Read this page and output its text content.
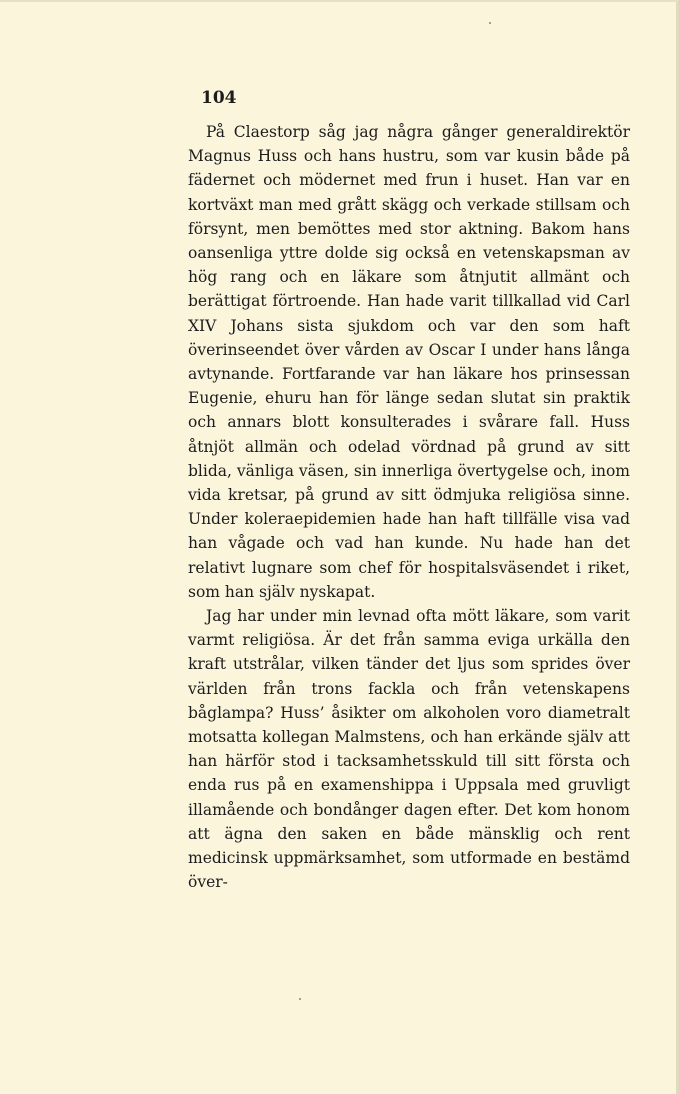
104

På Claestorp såg jag några gånger generaldirektör Magnus Huss och hans hustru, som var kusin både på fädernet och mödernet med frun i huset. Han var en kortväxt man med grått skägg och verkade stillsam och försynt, men bemöttes med stor aktning. Bakom hans oansenliga yttre dolde sig också en vetenskapsman av hög rang och en läkare som åtnjutit allmänt och berättigat förtroende. Han hade varit tillkallad vid Carl XIV Johans sista sjukdom och var den som haft överinseendet över vården av Oscar I under hans långa avtynande. Fortfarande var han läkare hos prinsessan Eugenie, ehuru han för länge sedan slutat sin praktik och annars blott konsulterades i svårare fall. Huss åtnjöt allmän och odelad vördnad på grund av sitt blida, vänliga väsen, sin innerliga övertygelse och, inom vida kretsar, på grund av sitt ödmjuka religiösa sinne. Under koleraepidemien hade han haft tillfälle visa vad han vågade och vad han kunde. Nu hade han det relativt lugnare som chef för hospitalsväsendet i riket, som han själv nyskapat.

Jag har under min levnad ofta mött läkare, som varit varmt religiösa. Är det från samma eviga urkälla den kraft utstrålar, vilken tänder det ljus som sprides över världen från trons fackla och från vetenskapens båglampa? Huss’ åsikter om alkoholen voro diametralt motsatta kollegan Malmstens, och han erkände själv att han härför stod i tacksamhetsskuld till sitt första och enda rus på en examenshippa i Uppsala med gruvligt illamående och bondånger dagen efter. Det kom honom att ägna den saken en både mänsklig och rent medicinsk uppmärksamhet, som utformade en bestämd över-
